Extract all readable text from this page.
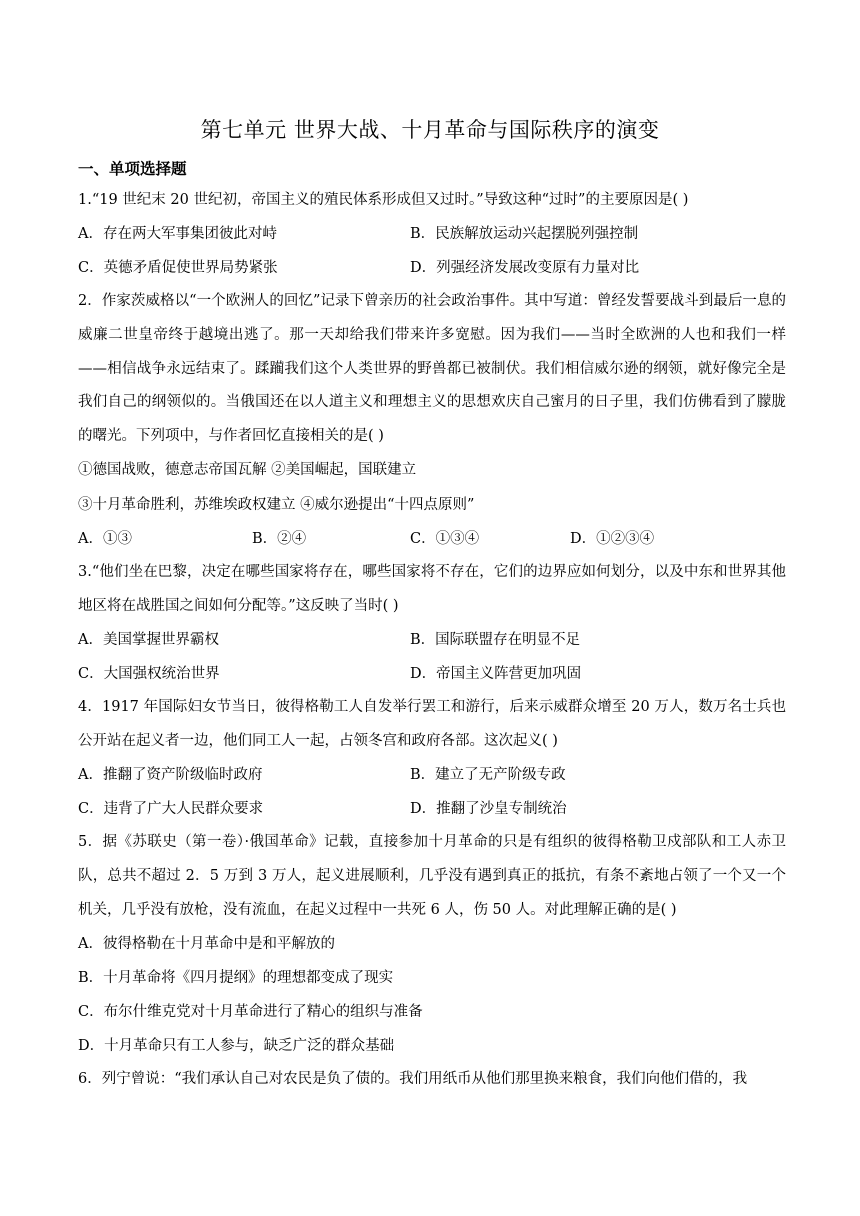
第七单元 世界大战、十月革命与国际秩序的演变
一、单项选择题
1.“19 世纪末 20 世纪初，帝国主义的殖民体系形成但又过时。”导致这种“过时”的主要原因是( )
A．存在两大军事集团彼此对峙	B．民族解放运动兴起摆脱列强控制
C．英德矛盾促使世界局势紧张	D．列强经济发展改变原有力量对比
2．作家茨威格以“一个欧洲人的回忆”记录下曾亲历的社会政治事件。其中写道：曾经发誓要战斗到最后一息的威廉二世皇帝终于越境出逃了。那一天却给我们带来许多宽慰。因为我们——当时全欧洲的人也和我们一样——相信战争永远结束了。蹂躏我们这个人类世界的野兽都已被制伏。我们相信威尔逊的纲领，就好像完全是我们自己的纲领似的。当俄国还在以人道主义和理想主义的思想欢庆自己蜜月的日子里，我们仿佛看到了朦胧的曙光。下列项中，与作者回忆直接相关的是( )
①德国战败，德意志帝国瓦解 ②美国崛起，国联建立
③十月革命胜利，苏维埃政权建立 ④威尔逊提出“十四点原则”
A．①③	B．②④	C．①③④	D．①②③④
3.“他们坐在巴黎，决定在哪些国家将存在，哪些国家将不存在，它们的边界应如何划分，以及中东和世界其他地区将在战胜国之间如何分配等。”这反映了当时( )
A．美国掌握世界霸权	B．国际联盟存在明显不足
C．大国强权统治世界	D．帝国主义阵营更加巩固
4．1917 年国际妇女节当日，彼得格勒工人自发举行罢工和游行，后来示威群众增至 20 万人，数万名士兵也公开站在起义者一边，他们同工人一起，占领冬宫和政府各部。这次起义( )
A．推翻了资产阶级临时政府	B．建立了无产阶级专政
C．违背了广大人民群众要求	D．推翻了沙皇专制统治
5．据《苏联史（第一卷）·俄国革命》记载，直接参加十月革命的只是有组织的彼得格勒卫戍部队和工人赤卫队，总共不超过 2．5 万到 3 万人，起义进展顺利，几乎没有遇到真正的抵抗，有条不紊地占领了一个又一个机关，几乎没有放枪，没有流血，在起义过程中一共死 6 人，伤 50 人。对此理解正确的是( )
A．彼得格勒在十月革命中是和平解放的
B．十月革命将《四月提纲》的理想都变成了现实
C．布尔什维克党对十月革命进行了精心的组织与准备
D．十月革命只有工人参与，缺乏广泛的群众基础
6．列宁曾说：“我们承认自己对农民是负了债的。我们用纸币从他们那里换来粮食，我们向他们借的，我
